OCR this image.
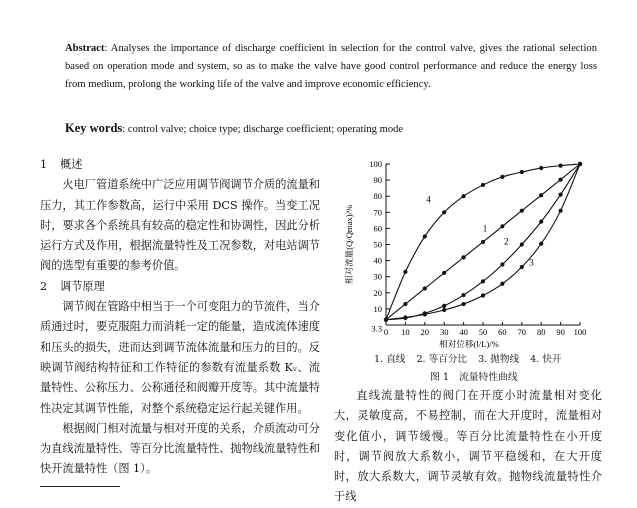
Abstract: Analyses the importance of discharge coefficient in selection for the control valve, gives the rational selection based on operation mode and system, so as to make the valve have good control performance and reduce the energy loss from medium, prolong the working life of the valve and improve economic efficiency.
Key words: control valve; choice type; discharge coefficient; operating mode
1 概述
火电厂管道系统中广泛应用调节阀调节介质的流量和压力，其工作参数高，运行中采用 DCS 操作。当变工况时，要求各个系统具有较高的稳定性和协调性，因此分析运行方式及作用，根据流量特性及工况参数，对电站调节阀的选型有重要的参考价值。
2 调节原理
调节阀在管路中相当于一个可变阻力的节流件，当介质通过时，要克服阻力而消耗一定的能量，造成流体速度和压头的损失，进而达到调节流体流量和压力的目的。反映调节阀结构特征和工作特征的参数有流量系数 Kᵥ、流量特性、公称压力、公称通径和阀瓣开度等。其中流量特性决定其调节性能，对整个系统稳定运行起关键作用。
根据阀门相对流量与相对开度的关系，介质流动可分为直线流量特性、等百分比流量特性、抛物线流量特性和快开流量特性（图 1）。
10
20
30
40
50
60
70
80
90
100
3.3 0 10 20 30 40 50 60 70 80 90 100
相对位移(l/L)/%
相对流量(Q/Qmax)/%	1
2
3
4
1. 直线 2. 等百分比 3. 抛物线 4. 快开
图 1　流量特性曲线
直线流量特性的阀门在开度小时流量相对变化大，灵敏度高，不易控制，而在大开度时，流量相对变化值小，调节缓慢。等百分比流量特性在小开度时，调节阀放大系数小，调节平稳缓和，在大开度时，放大系数大，调节灵敏有效。抛物线流量特性介于线
